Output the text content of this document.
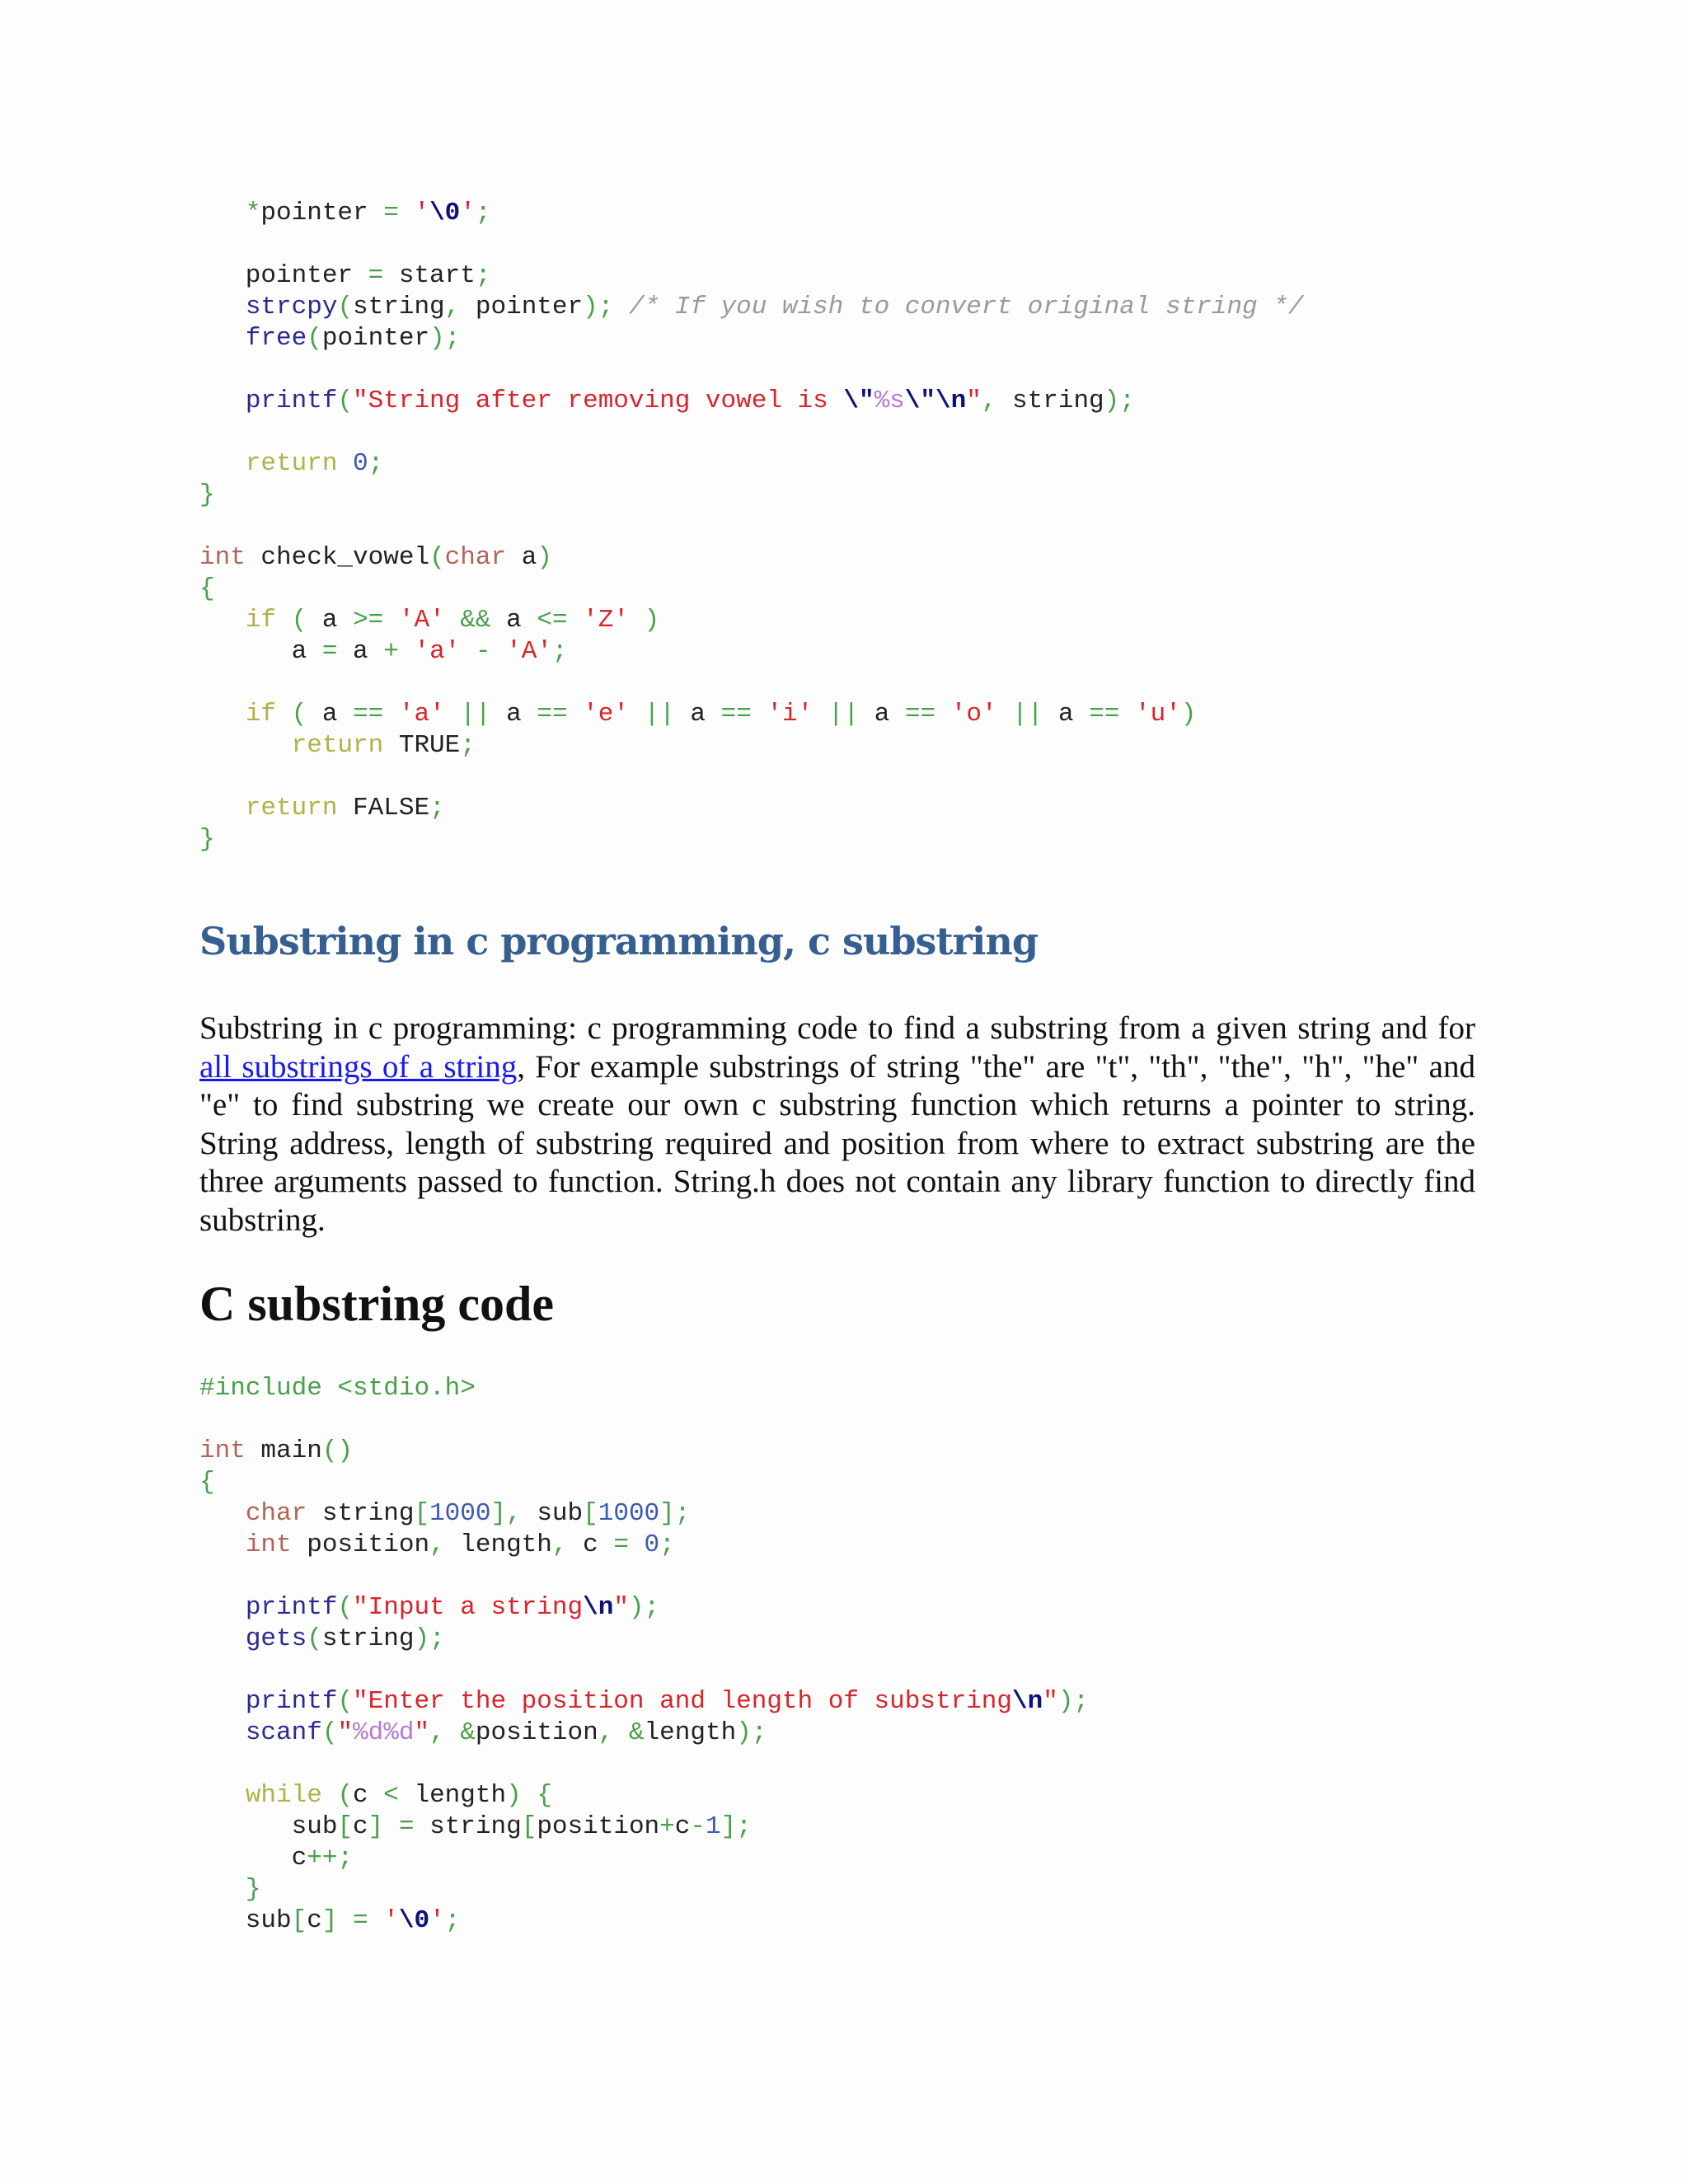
*pointer = '\0';
pointer = start;
strcpy(string, pointer); /* If you wish to convert original string */
free(pointer);
printf("String after removing vowel is \"%s\"\n", string);
return 0;
}
int check_vowel(char a)
{
if ( a >= 'A' && a <= 'Z' )
a = a + 'a' - 'A';
if ( a == 'a' || a == 'e' || a == 'i' || a == 'o' || a == 'u')
return TRUE;
return FALSE;
}
Substring in c programming, c substring

Substring in c programming: c programming code to find a substring from a given string and for all substrings of a string, For example substrings of string "the" are "t", "th", "the", "h", "he" and "e" to find substring we create our own c substring function which returns a pointer to string. String address, length of substring required and position from where to extract substring are the three arguments passed to function. String.h does not contain any library function to directly find substring.

C substring code
#include <stdio.h>
int main()
{
char string[1000], sub[1000];
int position, length, c = 0;
printf("Input a string\n");
gets(string);
printf("Enter the position and length of substring\n");
scanf("%d%d", &position, &length);
while (c < length) {
sub[c] = string[position+c-1];
c++;
}
sub[c] = '\0';
